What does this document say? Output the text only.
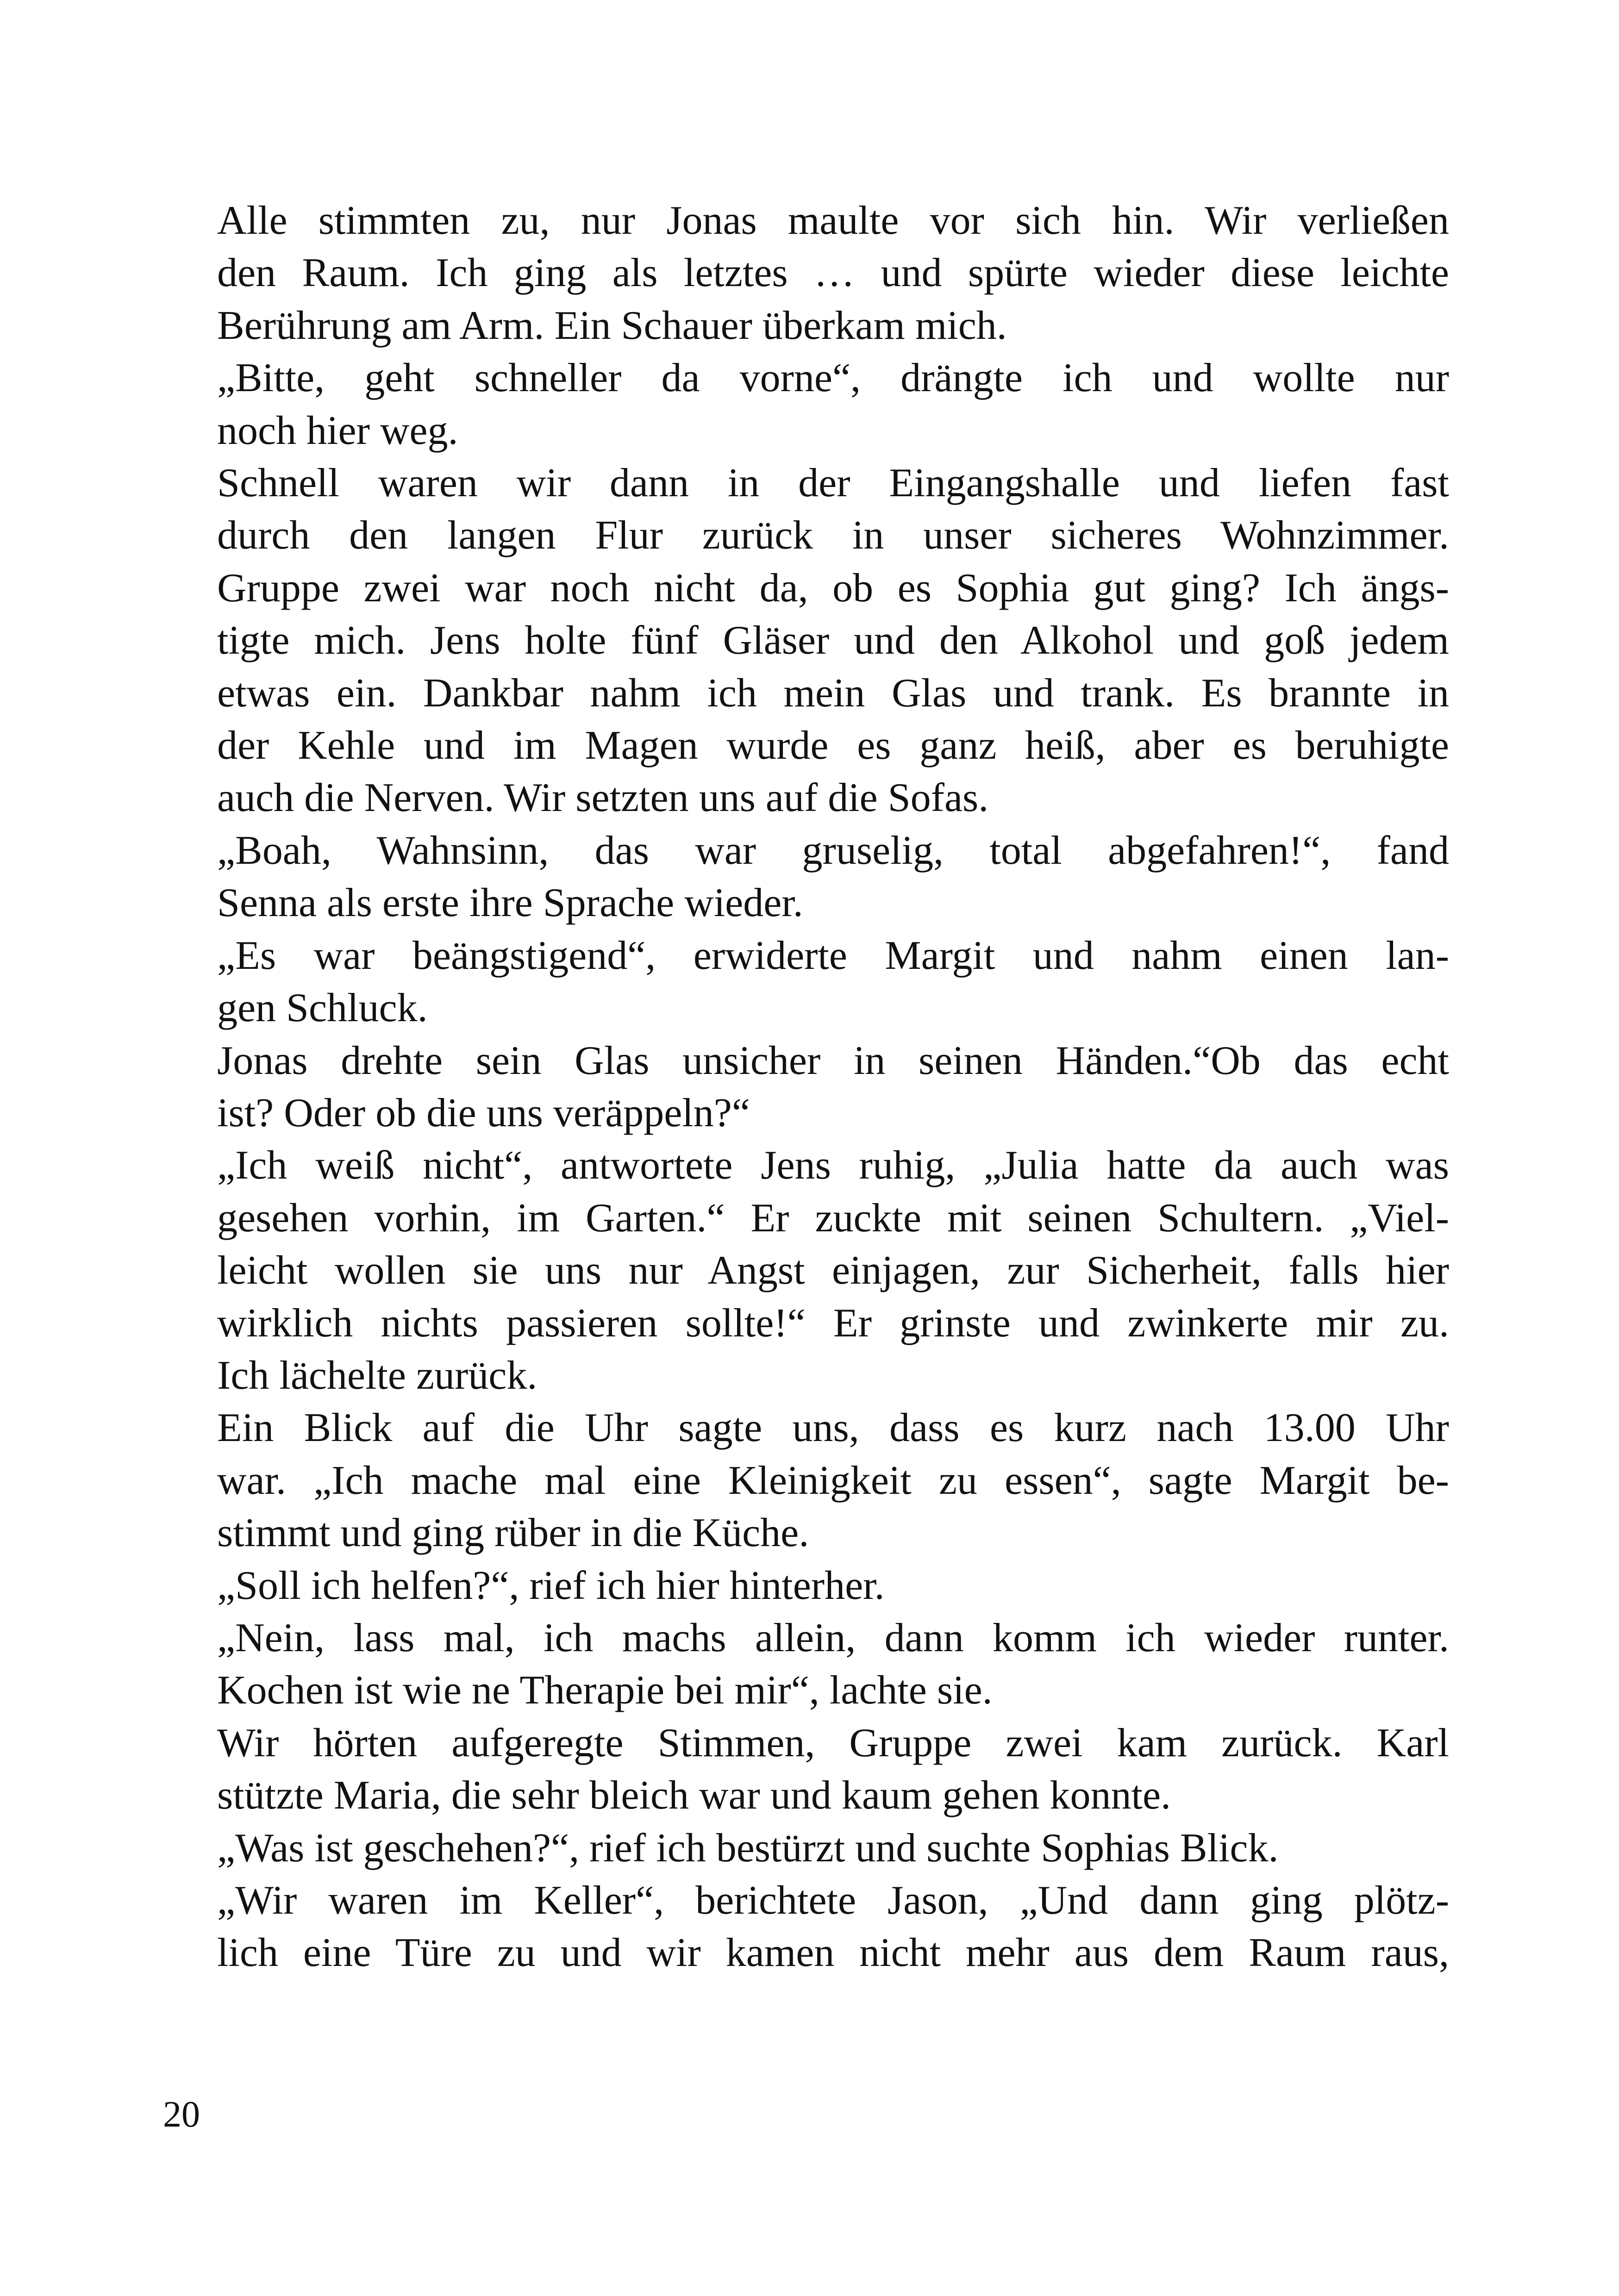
Alle stimmten zu, nur Jonas maulte vor sich hin. Wir verließen
den Raum. Ich ging als letztes … und spürte wieder diese leichte
Berührung am Arm. Ein Schauer überkam mich.

„Bitte, geht schneller da vorne“, drängte ich und wollte nur
noch hier weg.

Schnell waren wir dann in der Eingangshalle und liefen fast
durch den langen Flur zurück in unser sicheres Wohnzimmer.
Gruppe zwei war noch nicht da, ob es Sophia gut ging? Ich ängs-
tigte mich. Jens holte fünf Gläser und den Alkohol und goß jedem
etwas ein. Dankbar nahm ich mein Glas und trank. Es brannte in
der Kehle und im Magen wurde es ganz heiß, aber es beruhigte
auch die Nerven. Wir setzten uns auf die Sofas.

„Boah, Wahnsinn, das war gruselig, total abgefahren!“, fand
Senna als erste ihre Sprache wieder.

„Es war beängstigend“, erwiderte Margit und nahm einen lan-
gen Schluck.

Jonas drehte sein Glas unsicher in seinen Händen.“Ob das echt
ist? Oder ob die uns veräppeln?“

„Ich weiß nicht“, antwortete Jens ruhig, „Julia hatte da auch was
gesehen vorhin, im Garten.“ Er zuckte mit seinen Schultern. „Viel-
leicht wollen sie uns nur Angst einjagen, zur Sicherheit, falls hier
wirklich nichts passieren sollte!“ Er grinste und zwinkerte mir zu.
Ich lächelte zurück.

Ein Blick auf die Uhr sagte uns, dass es kurz nach 13.00 Uhr
war. „Ich mache mal eine Kleinigkeit zu essen“, sagte Margit be-
stimmt und ging rüber in die Küche.

„Soll ich helfen?“, rief ich hier hinterher.

„Nein, lass mal, ich machs allein, dann komm ich wieder runter.
Kochen ist wie ne Therapie bei mir“, lachte sie.

Wir hörten aufgeregte Stimmen, Gruppe zwei kam zurück. Karl
stützte Maria, die sehr bleich war und kaum gehen konnte.

„Was ist geschehen?“, rief ich bestürzt und suchte Sophias Blick.

„Wir waren im Keller“, berichtete Jason, „Und dann ging plötz-
lich eine Türe zu und wir kamen nicht mehr aus dem Raum raus,

20
